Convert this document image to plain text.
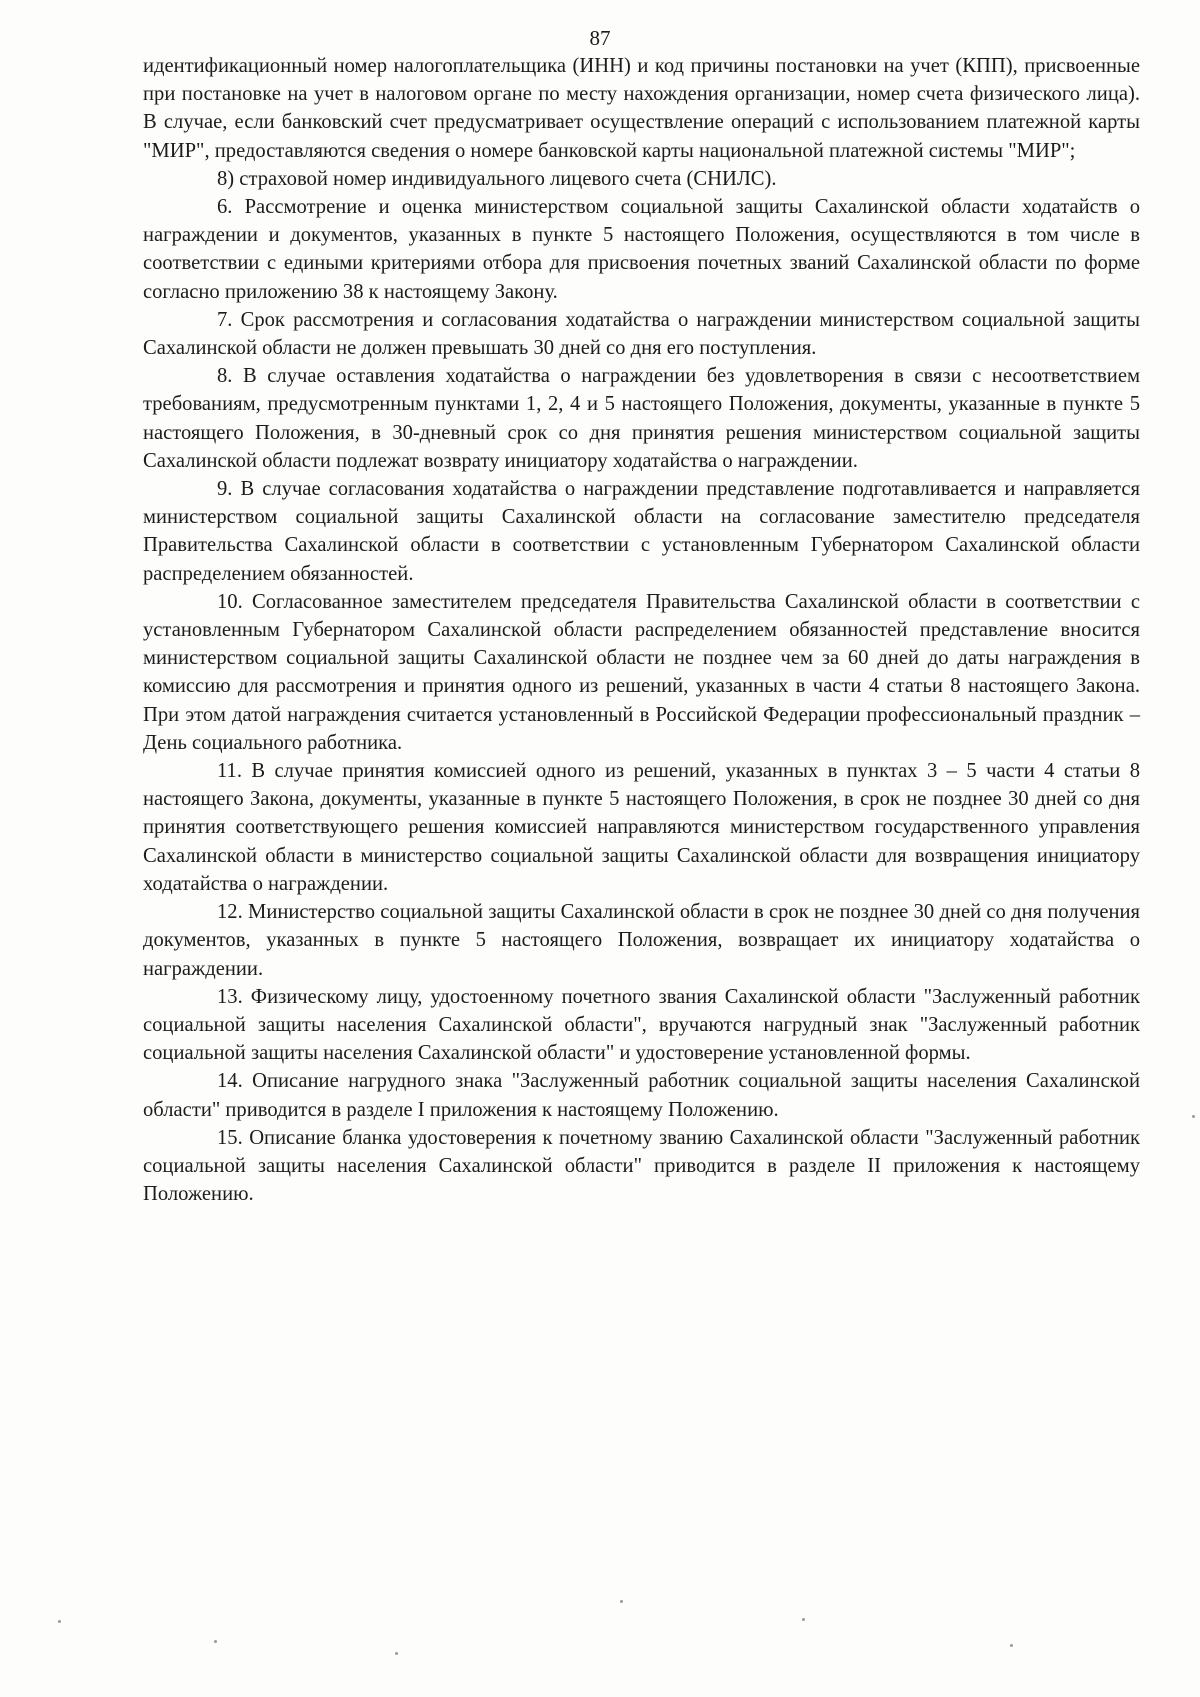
87

идентификационный номер налогоплательщика (ИНН) и код причины постановки на учет (КПП), присвоенные при постановке на учет в налоговом органе по месту нахождения организации, номер счета физического лица). В случае, если банковский счет предусматривает осуществление операций с использованием платежной карты "МИР", предоставляются сведения о номере банковской карты национальной платежной системы "МИР";

8) страховой номер индивидуального лицевого счета (СНИЛС).

6. Рассмотрение и оценка министерством социальной защиты Сахалинской области ходатайств о награждении и документов, указанных в пункте 5 настоящего Положения, осуществляются в том числе в соответствии с едиными критериями отбора для присвоения почетных званий Сахалинской области по форме согласно приложению 38 к настоящему Закону.

7. Срок рассмотрения и согласования ходатайства о награждении министерством социальной защиты Сахалинской области не должен превышать 30 дней со дня его поступления.

8. В случае оставления ходатайства о награждении без удовлетворения в связи с несоответствием требованиям, предусмотренным пунктами 1, 2, 4 и 5 настоящего Положения, документы, указанные в пункте 5 настоящего Положения, в 30-дневный срок со дня принятия решения министерством социальной защиты Сахалинской области подлежат возврату инициатору ходатайства о награждении.

9. В случае согласования ходатайства о награждении представление подготавливается и направляется министерством социальной защиты Сахалинской области на согласование заместителю председателя Правительства Сахалинской области в соответствии с установленным Губернатором Сахалинской области распределением обязанностей.

10. Согласованное заместителем председателя Правительства Сахалинской области в соответствии с установленным Губернатором Сахалинской области распределением обязанностей представление вносится министерством социальной защиты Сахалинской области не позднее чем за 60 дней до даты награждения в комиссию для рассмотрения и принятия одного из решений, указанных в части 4 статьи 8 настоящего Закона. При этом датой награждения считается установленный в Российской Федерации профессиональный праздник – День социального работника.

11. В случае принятия комиссией одного из решений, указанных в пунктах 3 – 5 части 4 статьи 8 настоящего Закона, документы, указанные в пункте 5 настоящего Положения, в срок не позднее 30 дней со дня принятия соответствующего решения комиссией направляются министерством государственного управления Сахалинской области в министерство социальной защиты Сахалинской области для возвращения инициатору ходатайства о награждении.

12. Министерство социальной защиты Сахалинской области в срок не позднее 30 дней со дня получения документов, указанных в пункте 5 настоящего Положения, возвращает их инициатору ходатайства о награждении.

13. Физическому лицу, удостоенному почетного звания Сахалинской области "Заслуженный работник социальной защиты населения Сахалинской области", вручаются нагрудный знак "Заслуженный работник социальной защиты населения Сахалинской области" и удостоверение установленной формы.

14. Описание нагрудного знака "Заслуженный работник социальной защиты населения Сахалинской области" приводится в разделе I приложения к настоящему Положению.

15. Описание бланка удостоверения к почетному званию Сахалинской области "Заслуженный работник социальной защиты населения Сахалинской области" приводится в разделе II приложения к настоящему Положению.
